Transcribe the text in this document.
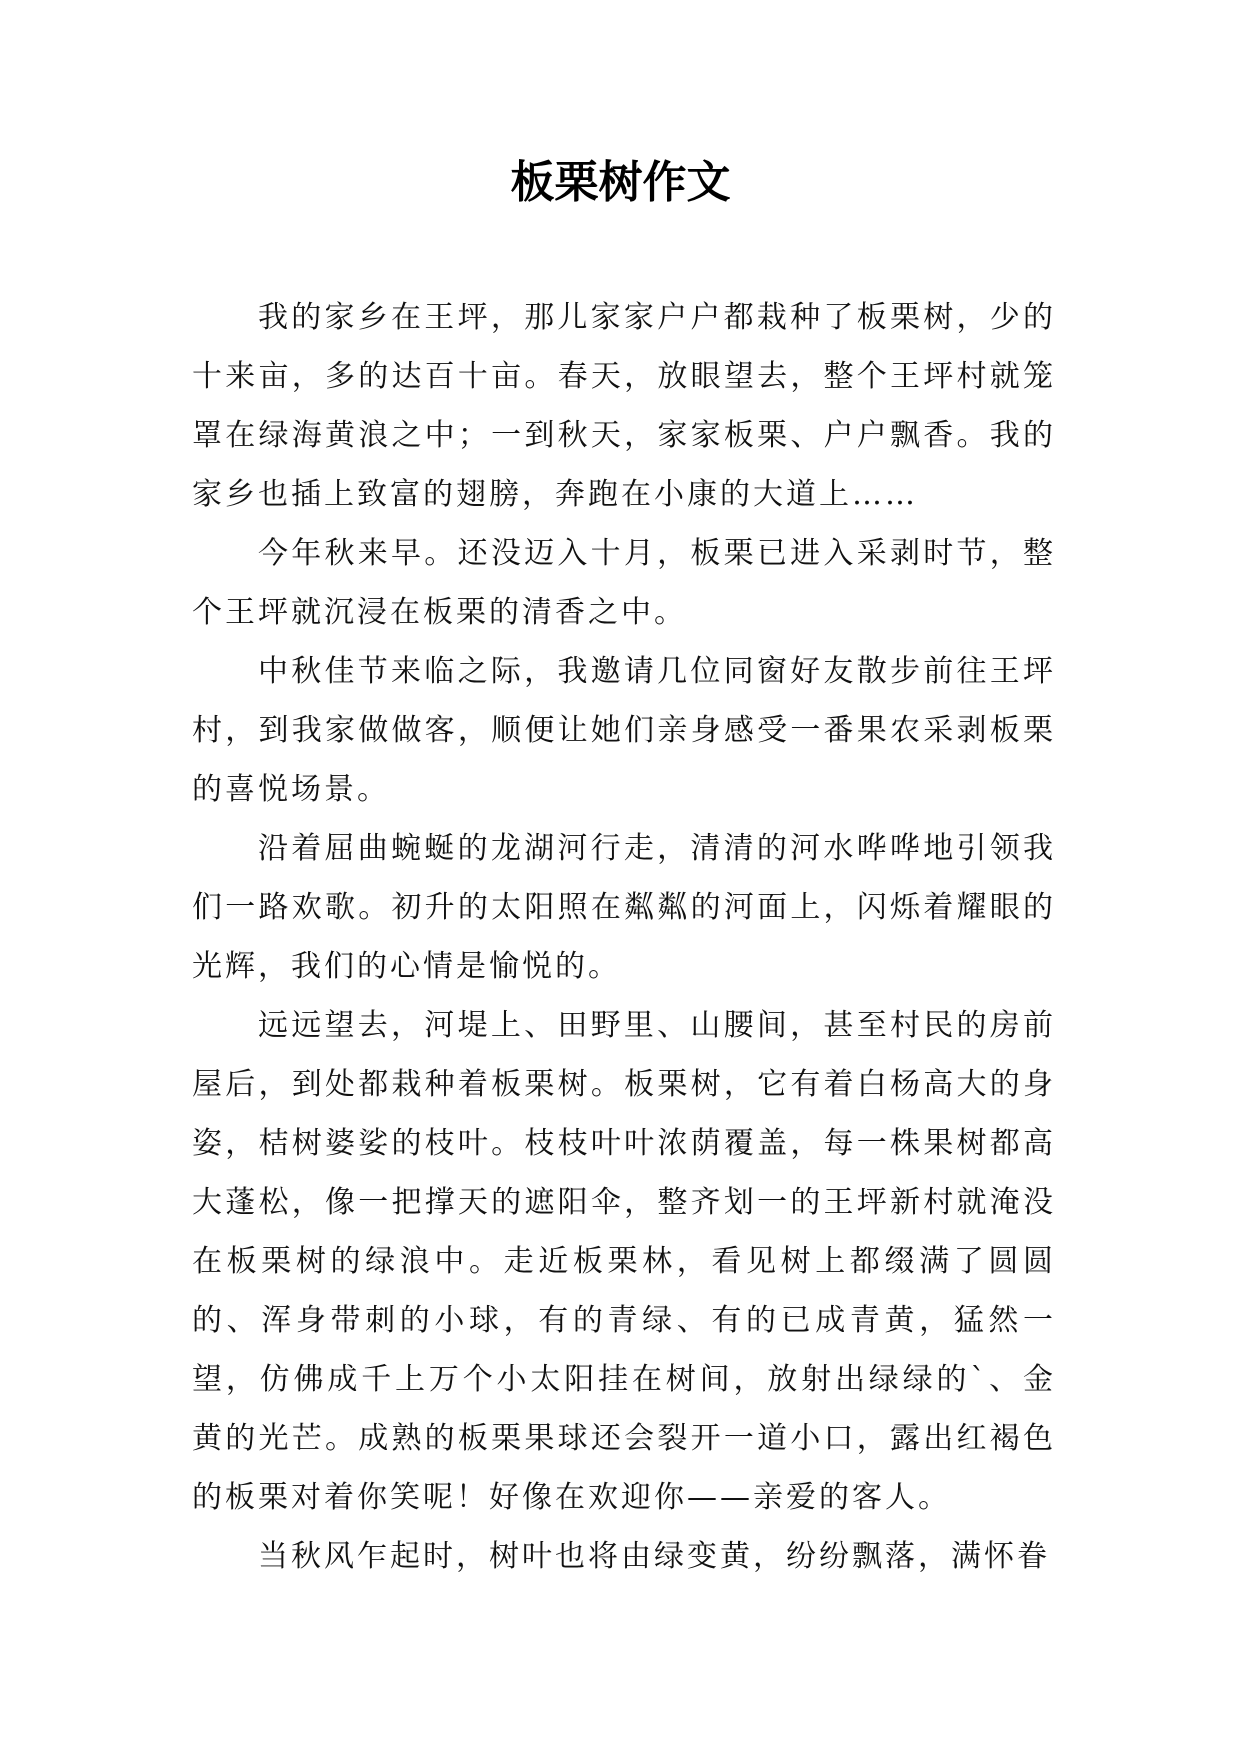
板栗树作文

我的家乡在王坪，那儿家家户户都栽种了板栗树，少的十来亩，多的达百十亩。春天，放眼望去，整个王坪村就笼罩在绿海黄浪之中；一到秋天，家家板栗、户户飘香。我的家乡也插上致富的翅膀，奔跑在小康的大道上……

今年秋来早。还没迈入十月，板栗已进入采剥时节，整个王坪就沉浸在板栗的清香之中。

中秋佳节来临之际，我邀请几位同窗好友散步前往王坪村，到我家做做客，顺便让她们亲身感受一番果农采剥板栗的喜悦场景。

沿着屈曲蜿蜒的龙湖河行走，清清的河水哗哗地引领我们一路欢歌。初升的太阳照在粼粼的河面上，闪烁着耀眼的光辉，我们的心情是愉悦的。

远远望去，河堤上、田野里、山腰间，甚至村民的房前屋后，到处都栽种着板栗树。板栗树，它有着白杨高大的身姿，桔树婆娑的枝叶。枝枝叶叶浓荫覆盖，每一株果树都高大蓬松，像一把撑天的遮阳伞，整齐划一的王坪新村就淹没在板栗树的绿浪中。走近板栗林，看见树上都缀满了圆圆的、浑身带刺的小球，有的青绿、有的已成青黄，猛然一望，仿佛成千上万个小太阳挂在树间，放射出绿绿的`、金黄的光芒。成熟的板栗果球还会裂开一道小口，露出红褐色的板栗对着你笑呢！好像在欢迎你——亲爱的客人。

当秋风乍起时，树叶也将由绿变黄，纷纷飘落，满怀眷
